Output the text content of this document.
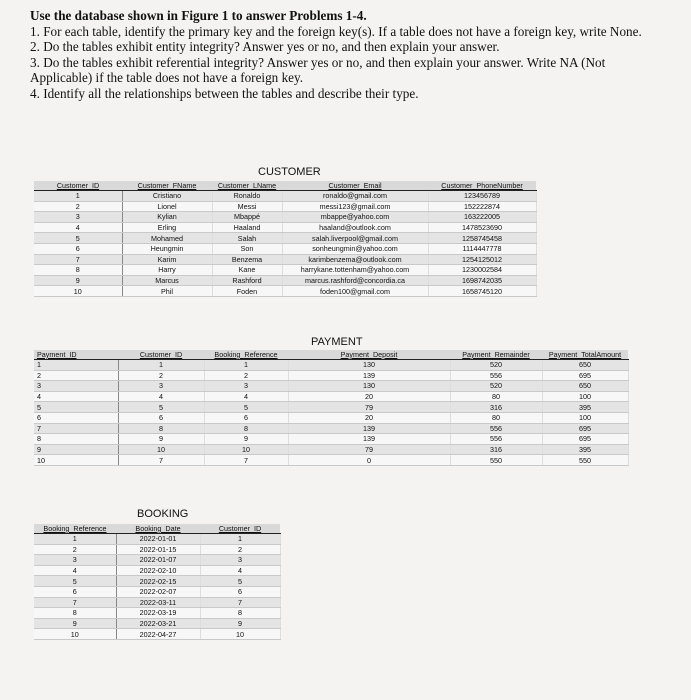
Use the database shown in Figure 1 to answer Problems 1-4.

1. For each table, identify the primary key and the foreign key(s). If a table does not have a foreign key, write None.

2. Do the tables exhibit entity integrity? Answer yes or no, and then explain your answer.

3. Do the tables exhibit referential integrity? Answer yes or no, and then explain your answer. Write NA (Not Applicable) if the table does not have a foreign key.

4. Identify all the relationships between the tables and describe their type.

CUSTOMER
Customer_ID	Customer_FName	Customer_LName	Customer_Email	Customer_PhoneNumber
1	Cristiano	Ronaldo	ronaldo@gmail.com	123456789
2	Lionel	Messi	messi123@gmail.com	152222874
3	Kylian	Mbappé	mbappe@yahoo.com	163222005
4	Erling	Haaland	haaland@outlook.com	1478523690
5	Mohamed	Salah	salah.liverpool@gmail.com	1258745458
6	Heungmin	Son	sonheungmin@yahoo.com	1114447778
7	Karim	Benzema	karimbenzema@outlook.com	1254125012
8	Harry	Kane	harrykane.tottenham@yahoo.com	1230002584
9	Marcus	Rashford	marcus.rashford@concordia.ca	1698742035
10	Phil	Foden	foden100@gmail.com	1658745120
PAYMENT
Payment_ID	Customer_ID	Booking_Reference	Payment_Deposit	Payment_Remainder	Payment_TotalAmount
1	1	1	130	520	650
2	2	2	139	556	695
3	3	3	130	520	650
4	4	4	20	80	100
5	5	5	79	316	395
6	6	6	20	80	100
7	8	8	139	556	695
8	9	9	139	556	695
9	10	10	79	316	395
10	7	7	0	550	550
BOOKING
Booking_Reference	Booking_Date	Customer_ID
1	2022-01-01	1
2	2022-01-15	2
3	2022-01-07	3
4	2022-02-10	4
5	2022-02-15	5
6	2022-02-07	6
7	2022-03-11	7
8	2022-03-19	8
9	2022-03-21	9
10	2022-04-27	10
